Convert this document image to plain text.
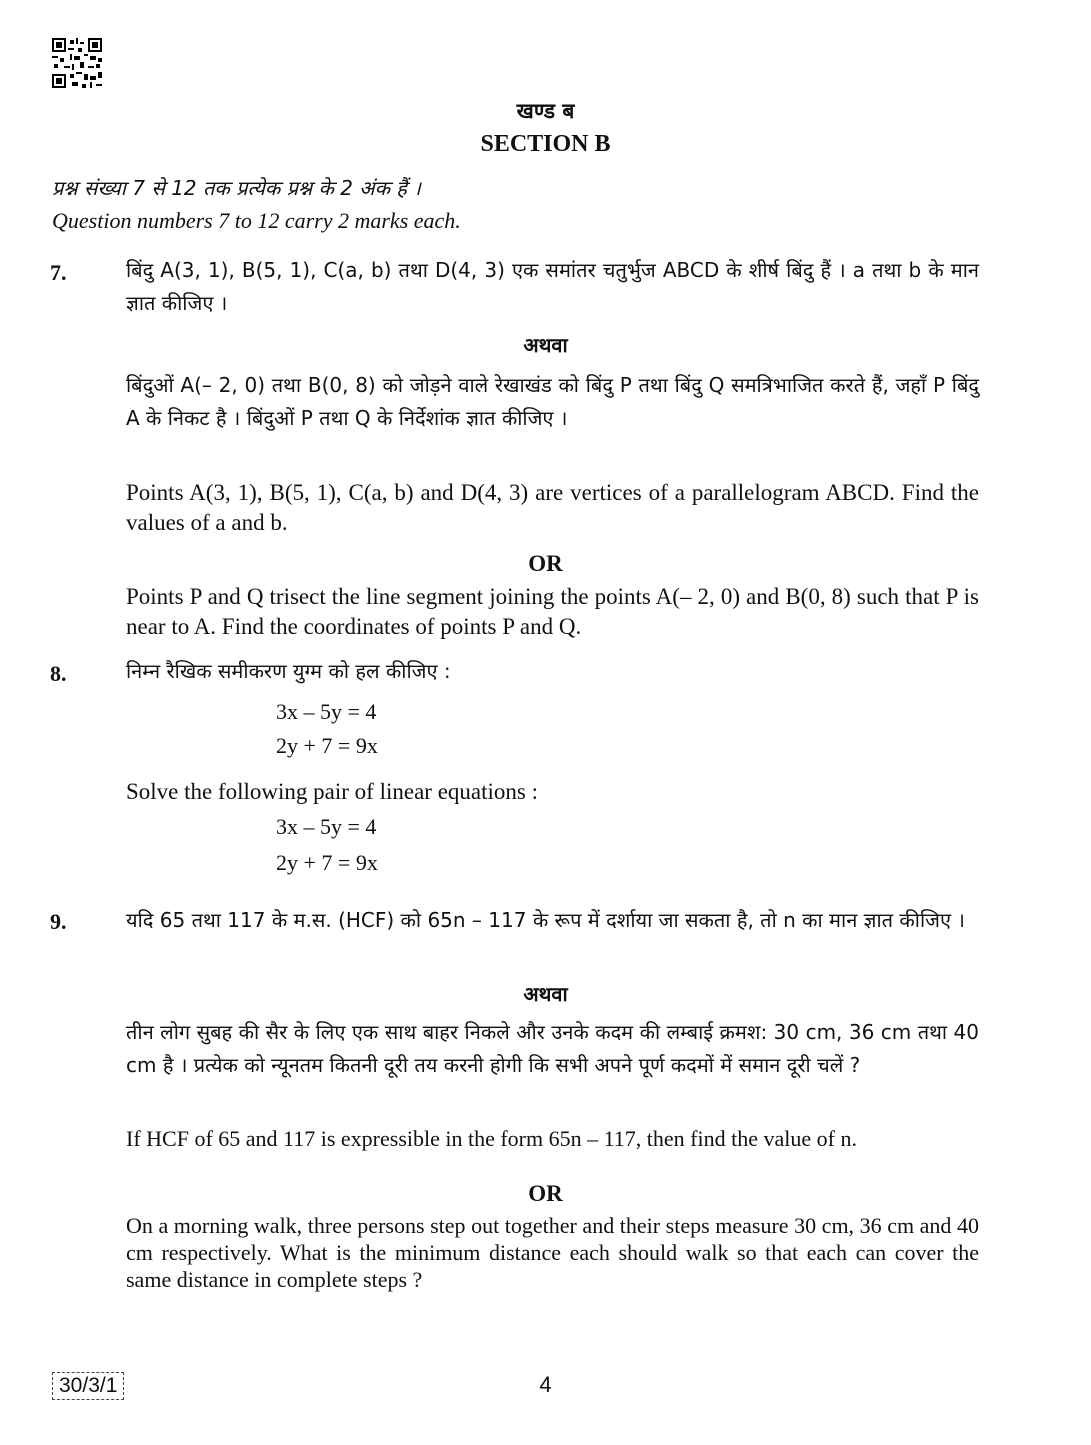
खण्ड ब
SECTION B
प्रश्न संख्या 7 से 12 तक प्रत्येक प्रश्न के 2 अंक हैं ।
Question numbers 7 to 12 carry 2 marks each.
7.	बिंदु A(3, 1), B(5, 1), C(a, b) तथा D(4, 3) एक समांतर चतुर्भुज ABCD के शीर्ष बिंदु हैं । a तथा b के मान ज्ञात कीजिए ।
अथवा
बिंदुओं A(– 2, 0) तथा B(0, 8) को जोड़ने वाले रेखाखंड को बिंदु P तथा बिंदु Q समत्रिभाजित करते हैं, जहाँ P बिंदु A के निकट है । बिंदुओं P तथा Q के निर्देशांक ज्ञात कीजिए ।
Points A(3, 1), B(5, 1), C(a, b) and D(4, 3) are vertices of a parallelogram ABCD. Find the values of a and b.
OR
Points P and Q trisect the line segment joining the points A(– 2, 0) and B(0, 8) such that P is near to A. Find the coordinates of points P and Q.
8.	निम्न रैखिक समीकरण युग्म को हल कीजिए :
3x – 5y = 4
2y + 7 = 9x
Solve the following pair of linear equations :
3x – 5y = 4
2y + 7 = 9x
9.	यदि 65 तथा 117 के म.स. (HCF) को 65n – 117 के रूप में दर्शाया जा सकता है, तो n का मान ज्ञात कीजिए ।
अथवा
तीन लोग सुबह की सैर के लिए एक साथ बाहर निकले और उनके कदम की लम्बाई क्रमश: 30 cm, 36 cm तथा 40 cm है । प्रत्येक को न्यूनतम कितनी दूरी तय करनी होगी कि सभी अपने पूर्ण कदमों में समान दूरी चलें ?
If HCF of 65 and 117 is expressible in the form 65n – 117, then find the value of n.
OR
On a morning walk, three persons step out together and their steps measure 30 cm, 36 cm and 40 cm respectively. What is the minimum distance each should walk so that each can cover the same distance in complete steps ?
30/3/1	4
